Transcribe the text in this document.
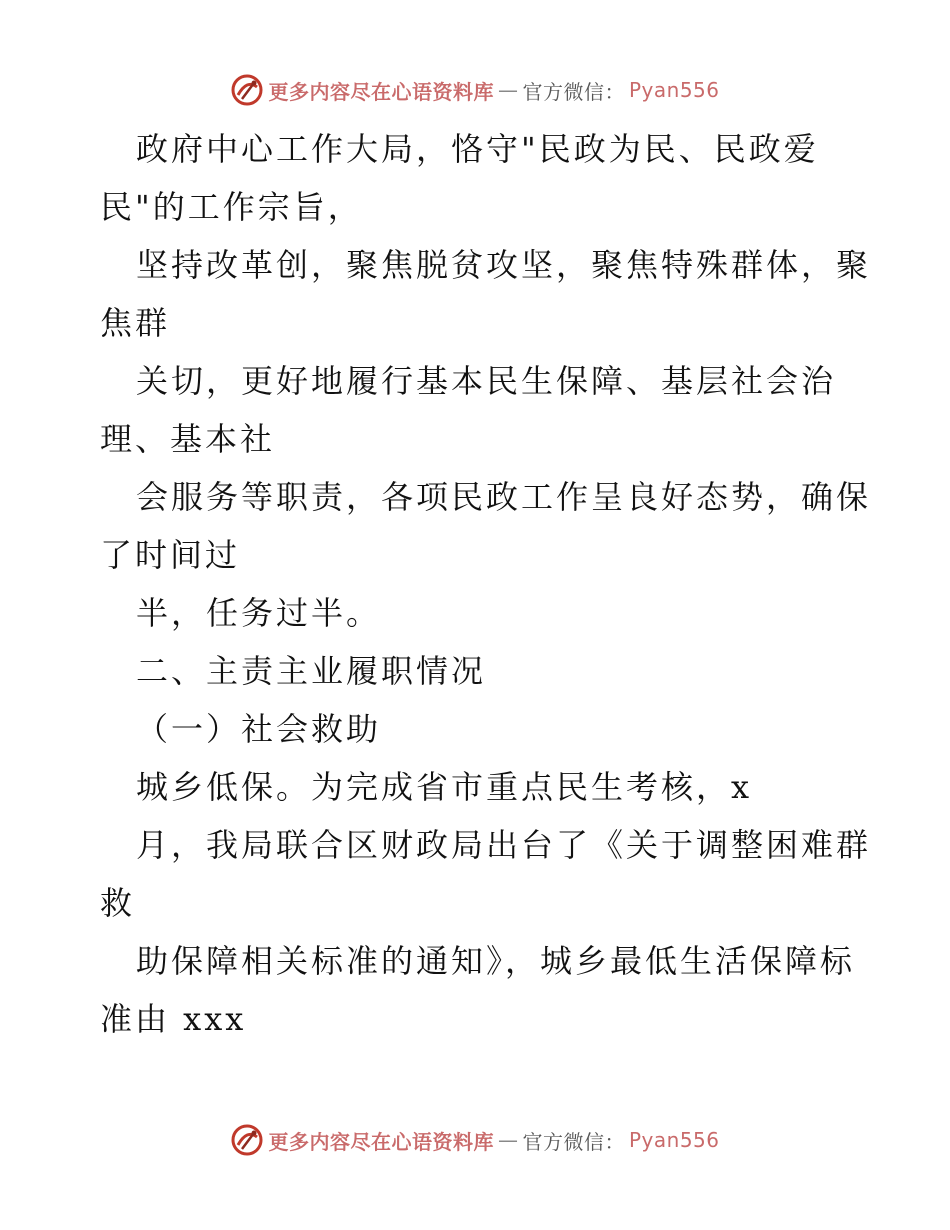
更多内容尽在心语资料库 — 官方微信： Pyan556
政府中心工作大局，恪守"民政为民、民政爱
民"的工作宗旨，
坚持改革创，聚焦脱贫攻坚，聚焦特殊群体，聚
焦群
关切，更好地履行基本民生保障、基层社会治
理、基本社
会服务等职责，各项民政工作呈良好态势，确保
了时间过
半，任务过半。
二、主责主业履职情况
（一）社会救助
城乡低保。为完成省市重点民生考核，x
月，我局联合区财政局出台了《关于调整困难群
救
助保障相关标准的通知》，城乡最低生活保障标
准由 xxx
更多内容尽在心语资料库 — 官方微信： Pyan556
